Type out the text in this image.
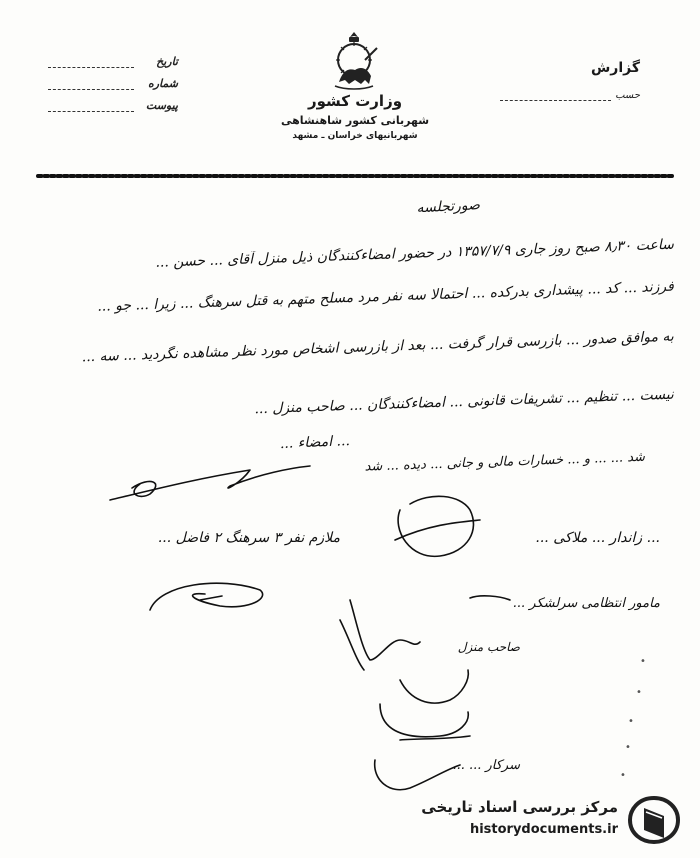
تاریخ
شماره
پیوست	وزارت کشور
شهربانی کشور شاهنشاهی
شهربانیهای خراسان ـ مشهد
گزارش
حسب
صورتجلسه
ساعت ۸٫۳۰ صبح روز جاری ۱۳۵۷/۷/۹ در حضور امضاءکنندگان ذیل منزل آقای ... حسن ...
فرزند ... کد ... پیشداری بدرکده ... احتمالا سه نفر مرد مسلح متهم به قتل سرهنگ ... زیرا ... جو ...
به موافق صدور ... بازرسی قرار گرفت ... بعد از بازرسی اشخاص مورد نظر مشاهده نگردید ... سه ...
نیست ... تنظیم ... تشریفات قانونی ... امضاءکنندگان ... صاحب منزل ...
شد ... ... و ... خسارات مالی و جانی ... دیده ... شد
... امضاء ...
ملازم نفر ۳ سرهنگ ۲ فاضل ...	... زاندار ... ملاکی ...
مامور انتظامی سرلشکر ...
صاحب منزل
سرکار ... ...
•
•
•
•
•
مرکز بررسی اسناد تاریخی
historydocuments.ir
